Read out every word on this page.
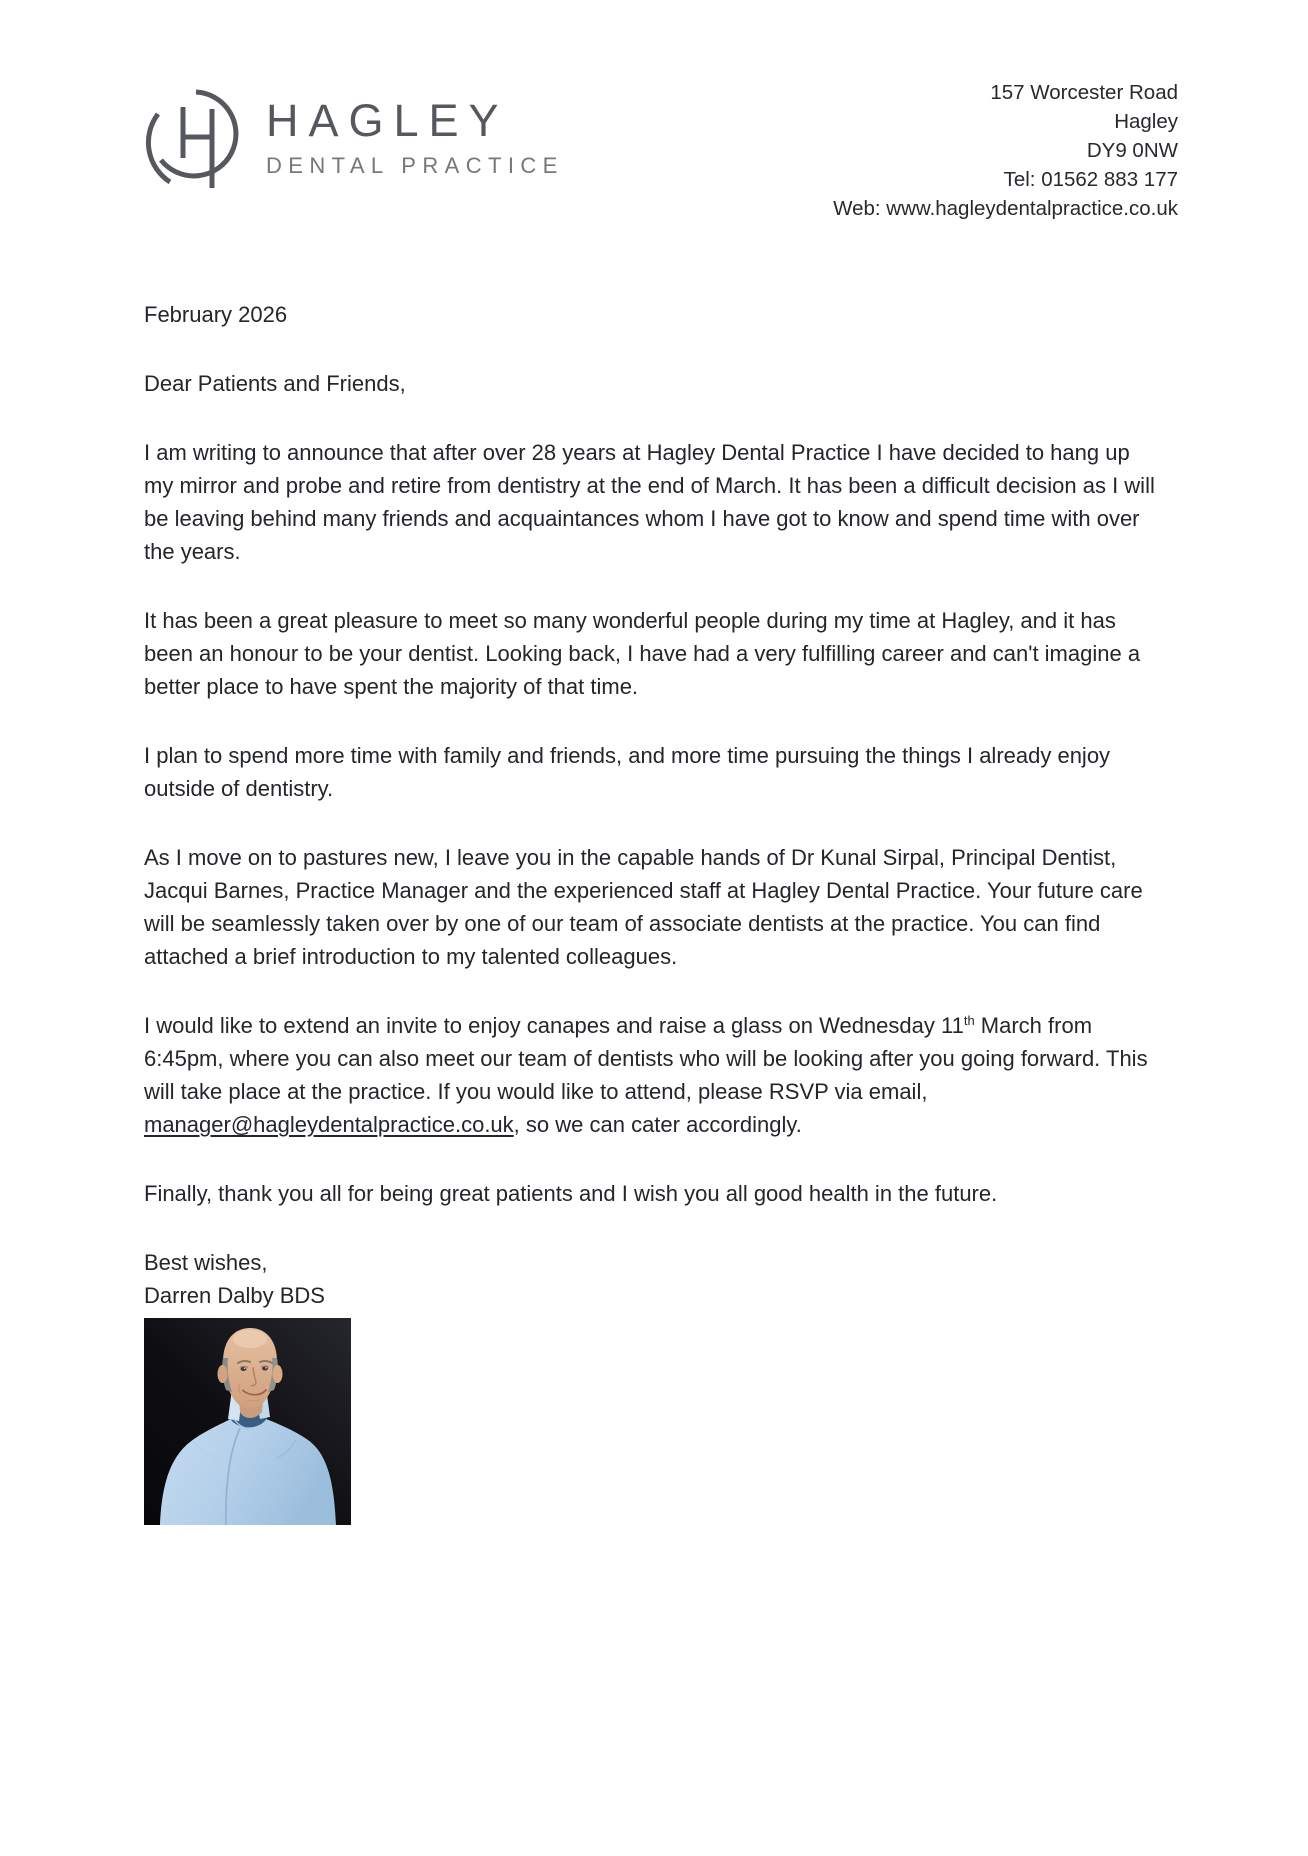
HAGLEY
DENTAL PRACTICE
157 Worcester Road
Hagley
DY9 0NW
Tel: 01562 883 177
Web: www.hagleydentalpractice.co.uk

February 2026

Dear Patients and Friends,

I am writing to announce that after over 28 years at Hagley Dental Practice I have decided to hang up my mirror and probe and retire from dentistry at the end of March. It has been a difficult decision as I will be leaving behind many friends and acquaintances whom I have got to know and spend time with over the years.

It has been a great pleasure to meet so many wonderful people during my time at Hagley, and it has been an honour to be your dentist. Looking back, I have had a very fulfilling career and can't imagine a better place to have spent the majority of that time.

I plan to spend more time with family and friends, and more time pursuing the things I already enjoy outside of dentistry.

As I move on to pastures new, I leave you in the capable hands of Dr Kunal Sirpal, Principal Dentist, Jacqui Barnes, Practice Manager and the experienced staff at Hagley Dental Practice. Your future care will be seamlessly taken over by one of our team of associate dentists at the practice. You can find attached a brief introduction to my talented colleagues.

I would like to extend an invite to enjoy canapes and raise a glass on Wednesday 11th March from 6:45pm, where you can also meet our team of dentists who will be looking after you going forward. This will take place at the practice. If you would like to attend, please RSVP via email, manager@hagleydentalpractice.co.uk, so we can cater accordingly.

Finally, thank you all for being great patients and I wish you all good health in the future.

Best wishes,

Darren Dalby BDS
